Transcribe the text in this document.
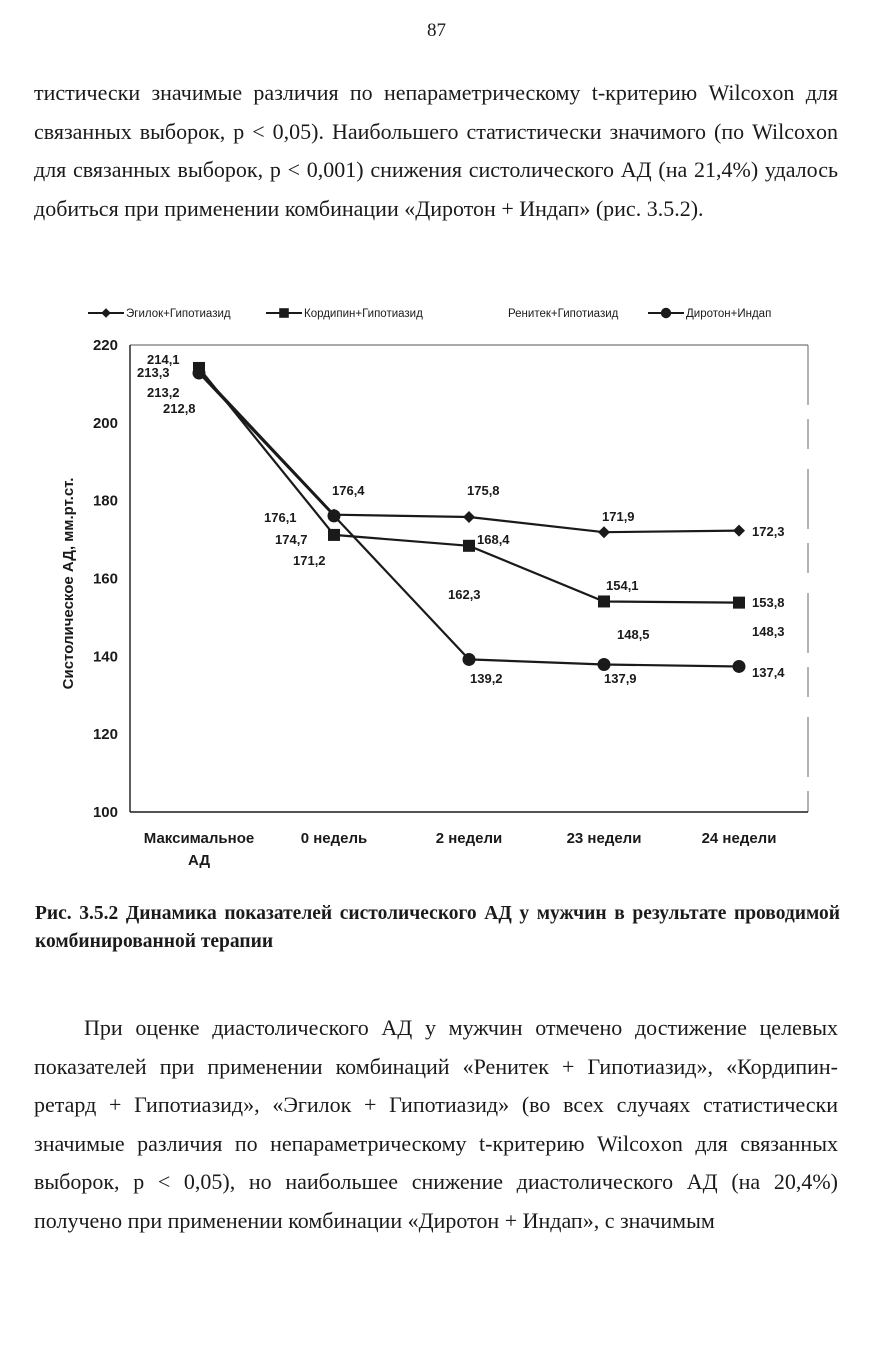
87

тистически значимые различия по непараметрическому t-критерию Wilcoxon для связанных выборок, p < 0,05). Наибольшего статистически значимого (по Wilcoxon для связанных выборок, p < 0,001) снижения систолического АД (на 21,4%) удалось добиться при применении комбинации «Диротон + Индап» (рис. 3.5.2).

100
120
140
160
180
200
220
Систолическое АД, мм.рт.ст.
Максимальное
АД
0 недель	2 недели	23 недели	24 недели
Эгилок+Гипотиазид	Кордипин+Гипотиазид	Ренитек+Гипотиазид	Диротон+Индап
213,3
176,4	175,8
171,9
172,3
214,1
171,2
168,4
154,1
153,8
213,2
174,7
162,3
148,5	148,3
212,8
176,1
139,2	137,9	137,4

Рис. 3.5.2 Динамика показателей систолического АД у мужчин в результате проводимой комбинированной терапии

При оценке диастолического АД у мужчин отмечено достижение целевых показателей при применении комбинаций «Ренитек + Гипотиазид», «Кордипин-ретард + Гипотиазид», «Эгилок + Гипотиазид» (во всех случаях статистически значимые различия по непараметрическому t-критерию Wilcoxon для связанных выборок, p < 0,05), но наибольшее снижение диастолического АД (на 20,4%) получено при применении комбинации «Диротон + Индап», с значимым
